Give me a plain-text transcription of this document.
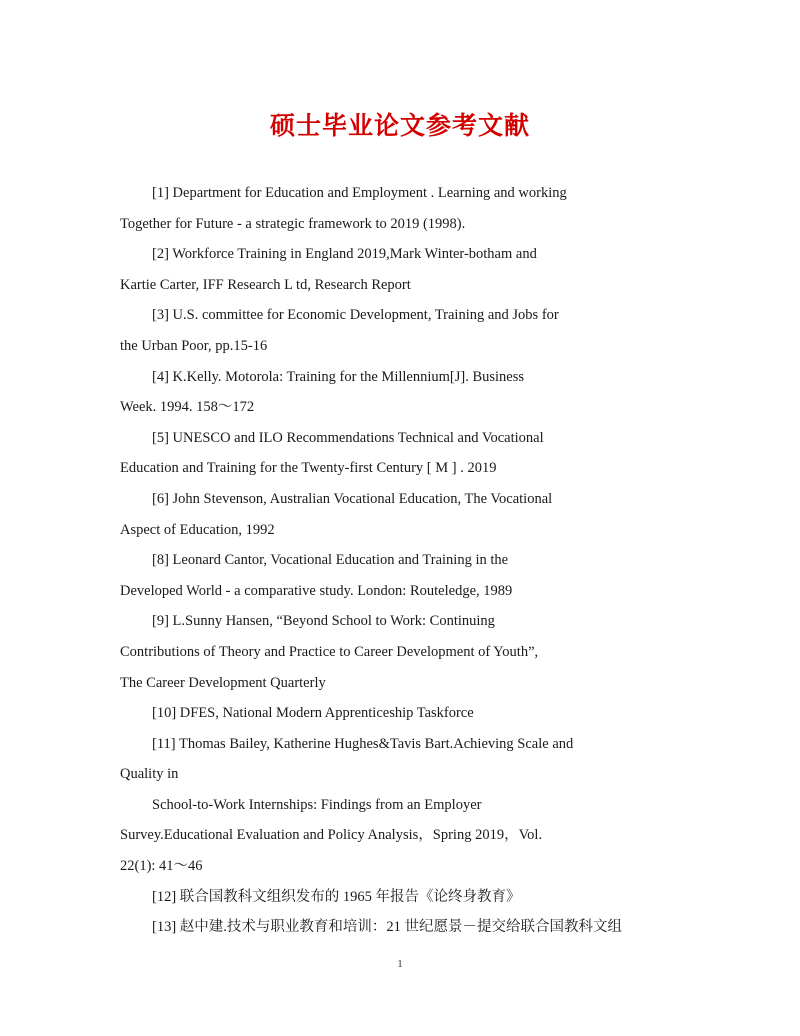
硕士毕业论文参考文献
[1] Department for Education and Employment . Learning and working
Together for Future - a strategic framework to 2019 (1998).
[2] Workforce Training in England 2019,Mark Winter-botham and
Kartie Carter, IFF Research L td, Research Report
[3] U.S. committee for Economic Development, Training and Jobs for
the Urban Poor, pp.15-16
[4] K.Kelly. Motorola: Training for the Millennium[J]. Business
Week. 1994. 158～172
[5] UNESCO and ILO Recommendations Technical and Vocational
Education and Training for the Twenty-first Century [ M ] . 2019
[6] John Stevenson, Australian Vocational Education, The Vocational
Aspect of Education, 1992
[8] Leonard Cantor, Vocational Education and Training in the
Developed World - a comparative study. London: Routeledge, 1989
[9] L.Sunny Hansen, “Beyond School to Work: Continuing
Contributions of Theory and Practice to Career Development of Youth”,
The Career Development Quarterly
[10] DFES, National Modern Apprenticeship Taskforce
[11] Thomas Bailey, Katherine Hughes&Tavis Bart.Achieving Scale and
Quality in
School-to-Work Internships: Findings from an Employer
Survey.Educational Evaluation and Policy Analysis，Spring 2019，Vol.
22(1): 41～46
[12] 联合国教科文组织发布的 1965 年报告《论终身教育》
[13] 赵中建.技术与职业教育和培训：21 世纪愿景－提交给联合国教科文组
1
